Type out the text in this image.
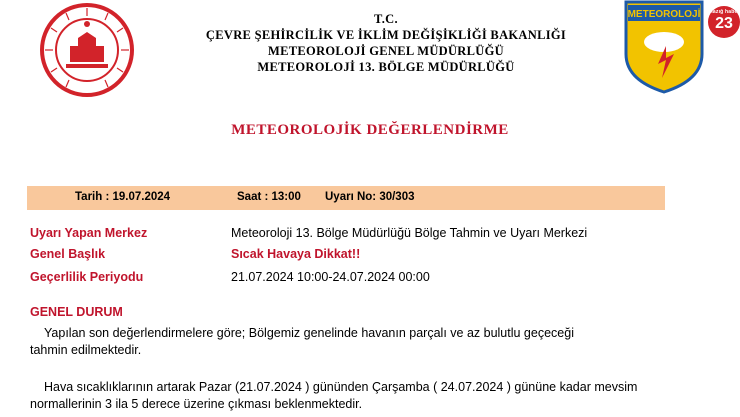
T.C.
ÇEVRE ŞEHİRCİLİK VE İKLİM DEĞİŞİKLİĞİ BAKANLIĞI
METEOROLOJİ GENEL MÜDÜRLÜĞÜ
METEOROLOJİ 13. BÖLGE MÜDÜRLÜĞÜ
METEOROLOJİ elazığ haber
23
METEOROLOJİK DEĞERLENDİRME
Tarih : 19.07.2024	Saat : 13:00 Uyarı No: 30/303
Uyarı Yapan Merkez	Meteoroloji 13. Bölge Müdürlüğü Bölge Tahmin ve Uyarı Merkezi
Genel Başlık	Sıcak Havaya Dikkat!!
Geçerlilik Periyodu	21.07.2024 10:00-24.07.2024 00:00
GENEL DURUM
Yapılan son değerlendirmelere göre; Bölgemiz genelinde havanın parçalı ve az bulutlu geçeceği
tahmin edilmektedir.
Hava sıcaklıklarının artarak Pazar (21.07.2024 ) gününden Çarşamba ( 24.07.2024 ) gününe kadar mevsim
normallerinin 3 ila 5 derece üzerine çıkması beklenmektedir.
